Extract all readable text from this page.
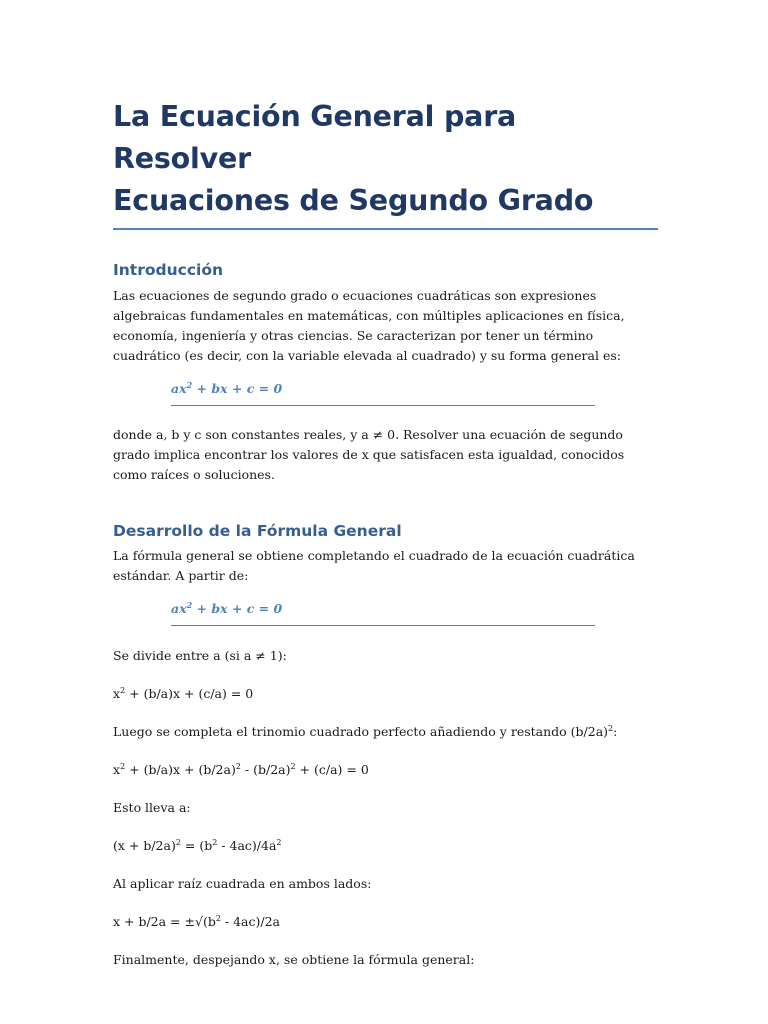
La Ecuación General para Resolver
Ecuaciones de Segundo Grado
Introducción

Las ecuaciones de segundo grado o ecuaciones cuadráticas son expresiones algebraicas fundamentales en matemáticas, con múltiples aplicaciones en física, economía, ingeniería y otras ciencias. Se caracterizan por tener un término cuadrático (es decir, con la variable elevada al cuadrado) y su forma general es:

$ax^2$ + bx + c = 0

donde a, b y c son constantes reales, y a ≠ 0. Resolver una ecuación de segundo grado implica encontrar los valores de x que satisfacen esta igualdad, conocidos como raíces o soluciones.

Desarrollo de la Fórmula General

La fórmula general se obtiene completando el cuadrado de la ecuación cuadrática estándar. A partir de:

$ax^2$ + bx + c = 0

Se divide entre a (si a ≠ 1):

$x^2 + (b/a)x + (c/a) = 0$

Luego se completa el trinomio cuadrado perfecto añadiendo y restando $(b/2a)^2$:

$x^2 + (b/a)x + (b/2a)^2 - (b/2a)^2 + (c/a) = 0$

Esto lleva a:

$(x + b/2a)^2 = (b^2 - 4ac)/4a^2$

Al aplicar raíz cuadrada en ambos lados:

$x + b/2a = \pm√(b^2 - 4ac)/2a$

Finalmente, despejando x, se obtiene la fórmula general:
